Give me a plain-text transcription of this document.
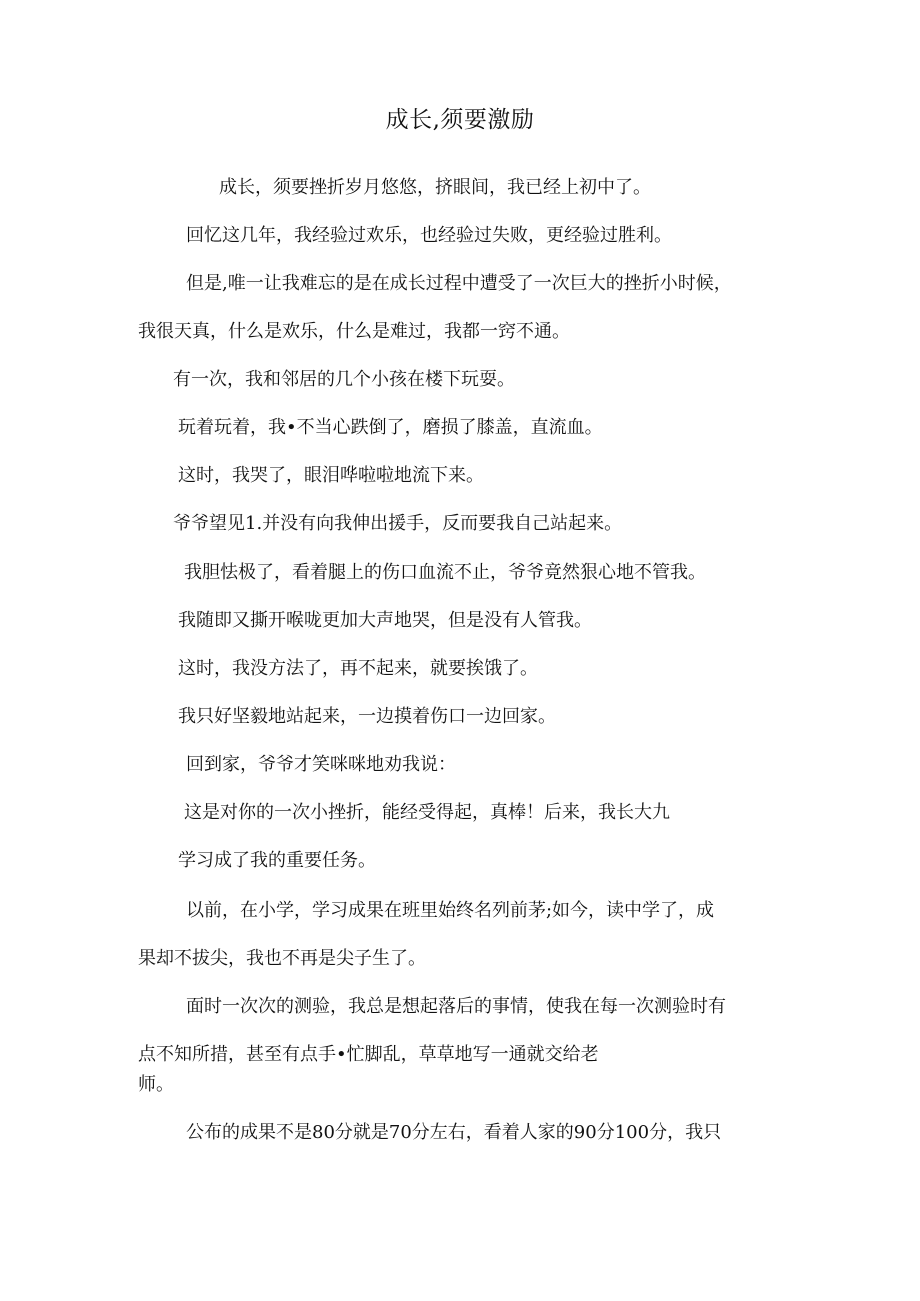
成长,须要激励

成长，须要挫折岁月悠悠，挤眼间，我已经上初中了。

回忆这几年，我经验过欢乐，也经验过失败，更经验过胜利。

但是,唯一让我难忘的是在成长过程中遭受了一次巨大的挫折小时候，

我很天真，什么是欢乐，什么是难过，我都一窍不通。

有一次，我和邻居的几个小孩在楼下玩耍。

玩着玩着，我•不当心跌倒了，磨损了膝盖，直流血。

这时，我哭了，眼泪哗啦啦地流下来。

爷爷望见1.并没有向我伸出援手，反而要我自己站起来。

我胆怯极了，看着腿上的伤口血流不止，爷爷竟然狠心地不管我。

我随即又撕开喉咙更加大声地哭，但是没有人管我。

这时，我没方法了，再不起来，就要挨饿了。

我只好坚毅地站起来，一边摸着伤口一边回家。

回到家，爷爷才笑咪咪地劝我说：

这是对你的一次小挫折，能经受得起，真棒！后来，我长大九

学习成了我的重要任务。

以前，在小学，学习成果在班里始终名列前茅;如今，读中学了，成

果却不拔尖，我也不再是尖子生了。

面时一次次的测验，我总是想起落后的事情，使我在每一次测验时有

点不知所措，甚至有点手•忙脚乱，草草地写一通就交给老

师。

公布的成果不是80分就是70分左右，看着人家的90分100分，我只
